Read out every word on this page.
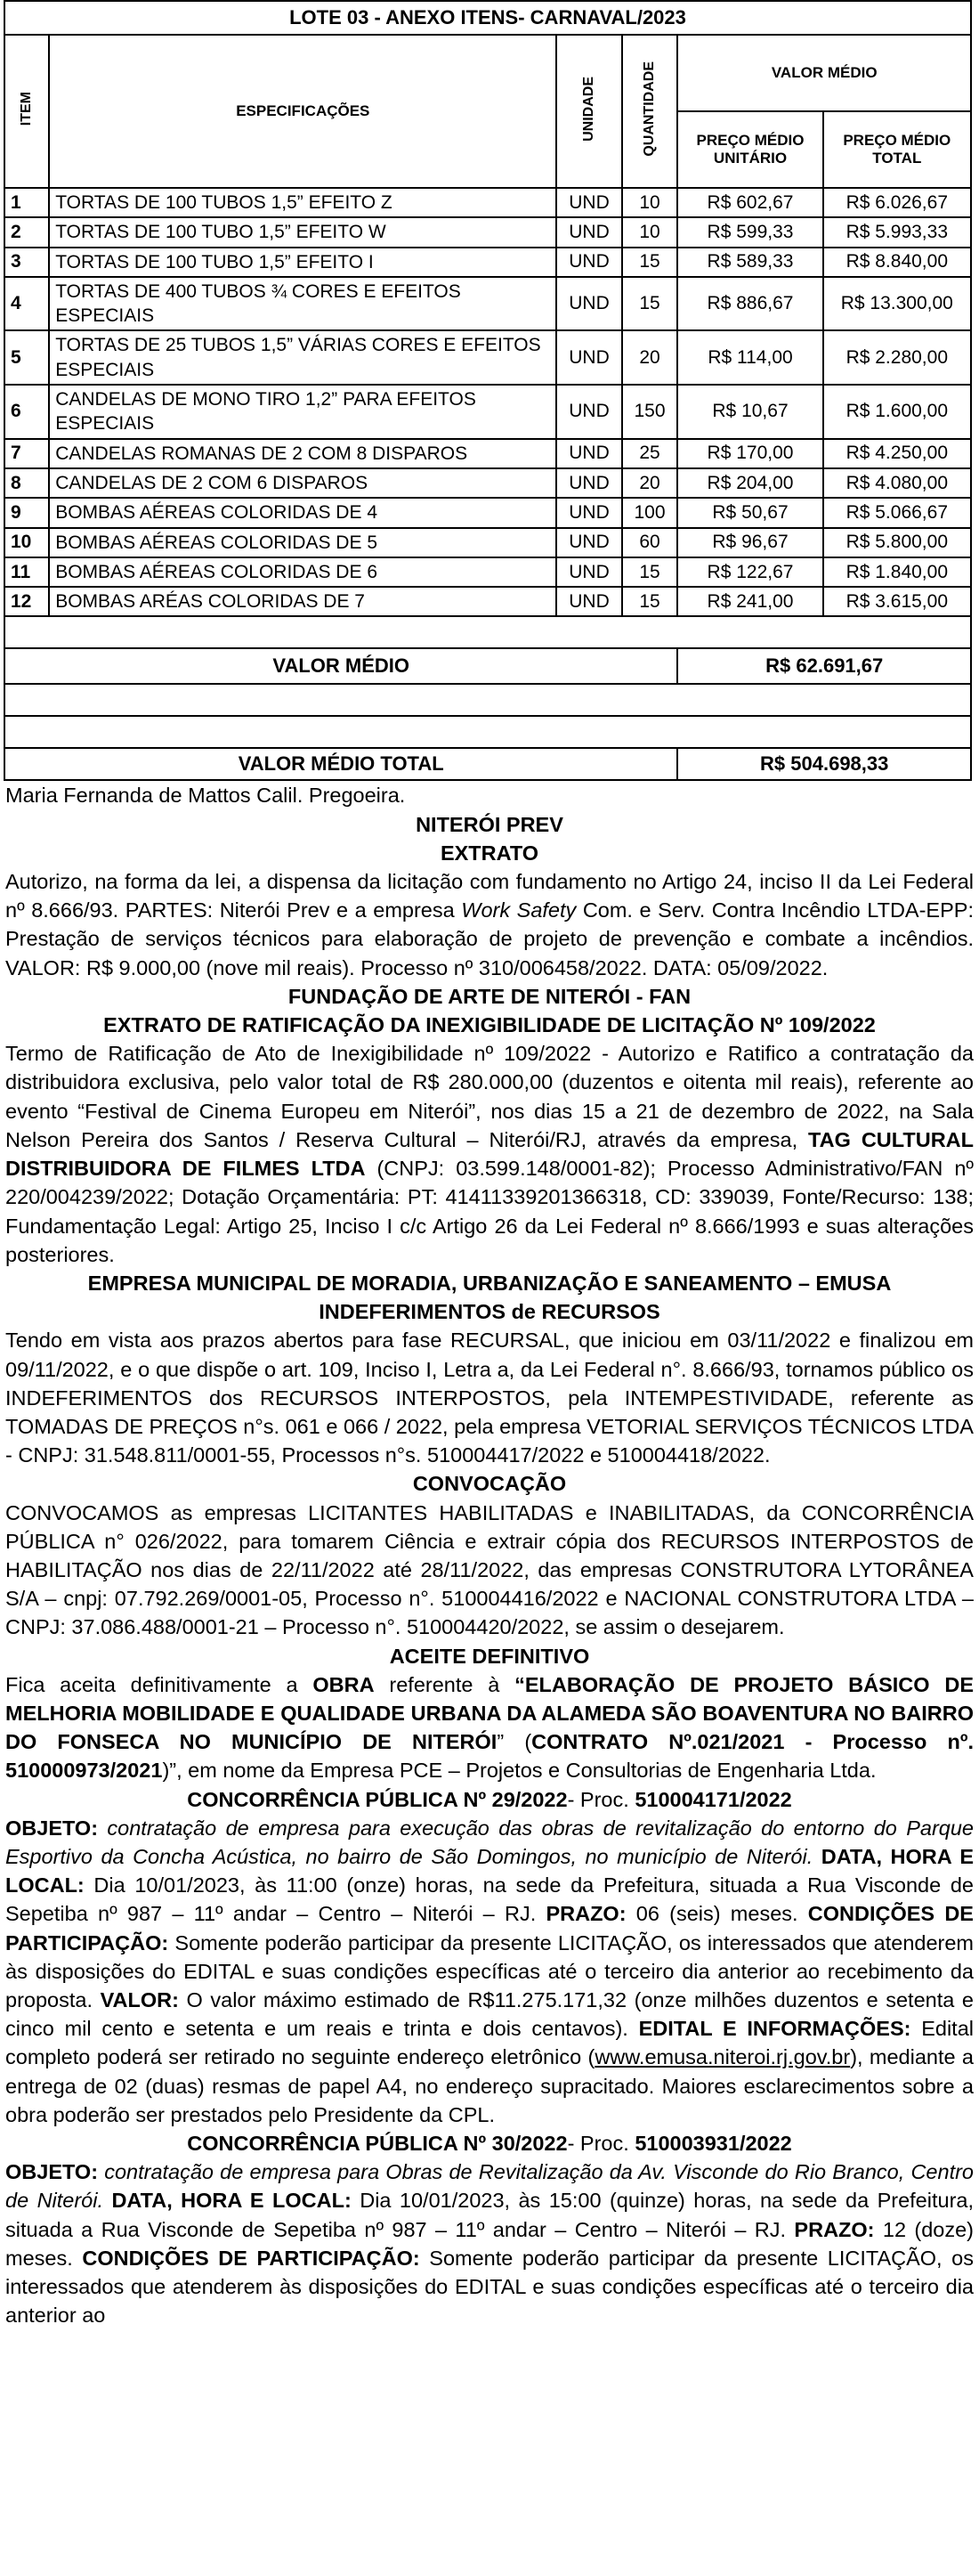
LOTE 03 - ANEXO ITENS- CARNAVAL/2023					
ITEM	ESPECIFICAÇÕES	UNIDADE	QUANTIDADE	VALOR MÉDIO	
				PREÇO MÉDIO UNITÁRIO	PREÇO MÉDIO TOTAL
1	TORTAS DE 100 TUBOS 1,5” EFEITO Z	UND	10	R$ 602,67	R$ 6.026,67
2	TORTAS DE 100 TUBO 1,5” EFEITO W	UND	10	R$ 599,33	R$ 5.993,33
3	TORTAS DE 100 TUBO 1,5” EFEITO I	UND	15	R$ 589,33	R$ 8.840,00
4	TORTAS DE 400 TUBOS ¾ CORES E EFEITOS ESPECIAIS	UND	15	R$ 886,67	R$ 13.300,00
5	TORTAS DE 25 TUBOS 1,5” VÁRIAS CORES E EFEITOS ESPECIAIS	UND	20	R$ 114,00	R$ 2.280,00
6	CANDELAS DE MONO TIRO 1,2” PARA EFEITOS ESPECIAIS	UND	150	R$ 10,67	R$ 1.600,00
7	CANDELAS ROMANAS DE 2 COM 8 DISPAROS	UND	25	R$ 170,00	R$ 4.250,00
8	CANDELAS DE 2 COM 6 DISPAROS	UND	20	R$ 204,00	R$ 4.080,00
9	BOMBAS AÉREAS COLORIDAS DE 4	UND	100	R$ 50,67	R$ 5.066,67
10	BOMBAS AÉREAS COLORIDAS DE 5	UND	60	R$ 96,67	R$ 5.800,00
11	BOMBAS AÉREAS COLORIDAS DE 6	UND	15	R$ 122,67	R$ 1.840,00
12	BOMBAS ARÉAS COLORIDAS DE 7	UND	15	R$ 241,00	R$ 3.615,00

VALOR MÉDIO				R$ 62.691,67	

VALOR MÉDIO TOTAL				R$ 504.698,33	

Maria Fernanda de Mattos Calil. Pregoeira.

NITERÓI PREV

EXTRATO

Autorizo, na forma da lei, a dispensa da licitação com fundamento no Artigo 24, inciso II da Lei Federal nº 8.666/93. PARTES: Niterói Prev e a empresa Work Safety Com. e Serv. Contra Incêndio LTDA-EPP: Prestação de serviços técnicos para elaboração de projeto de prevenção e combate a incêndios. VALOR: R$ 9.000,00 (nove mil reais). Processo nº 310/006458/2022. DATA: 05/09/2022.

FUNDAÇÃO DE ARTE DE NITERÓI - FAN

EXTRATO DE RATIFICAÇÃO DA INEXIGIBILIDADE DE LICITAÇÃO Nº 109/2022

Termo de Ratificação de Ato de Inexigibilidade nº 109/2022 - Autorizo e Ratifico a contratação da distribuidora exclusiva, pelo valor total de R$ 280.000,00 (duzentos e oitenta mil reais), referente ao evento “Festival de Cinema Europeu em Niterói”, nos dias 15 a 21 de dezembro de 2022, na Sala Nelson Pereira dos Santos / Reserva Cultural – Niterói/RJ, através da empresa, TAG CULTURAL DISTRIBUIDORA DE FILMES LTDA (CNPJ: 03.599.148/0001-82); Processo Administrativo/FAN nº 220/004239/2022; Dotação Orçamentária: PT: 41411339201366318, CD: 339039, Fonte/Recurso: 138; Fundamentação Legal: Artigo 25, Inciso I c/c Artigo 26 da Lei Federal nº 8.666/1993 e suas alterações posteriores.

EMPRESA MUNICIPAL DE MORADIA, URBANIZAÇÃO E SANEAMENTO – EMUSA

INDEFERIMENTOS de RECURSOS

Tendo em vista aos prazos abertos para fase RECURSAL, que iniciou em 03/11/2022 e finalizou em 09/11/2022, e o que dispõe o art. 109, Inciso I, Letra a, da Lei Federal n°. 8.666/93, tornamos público os INDEFERIMENTOS dos RECURSOS INTERPOSTOS, pela INTEMPESTIVIDADE, referente as TOMADAS DE PREÇOS n°s. 061 e 066 / 2022, pela empresa VETORIAL SERVIÇOS TÉCNICOS LTDA - CNPJ: 31.548.811/0001-55, Processos n°s. 510004417/2022 e 510004418/2022.

CONVOCAÇÃO

CONVOCAMOS as empresas LICITANTES HABILITADAS e INABILITADAS, da CONCORRÊNCIA PÚBLICA n° 026/2022, para tomarem Ciência e extrair cópia dos RECURSOS INTERPOSTOS de HABILITAÇÃO nos dias de 22/11/2022 até 28/11/2022, das empresas CONSTRUTORA LYTORÂNEA S/A – cnpj: 07.792.269/0001-05, Processo n°. 510004416/2022 e NACIONAL CONSTRUTORA LTDA – CNPJ: 37.086.488/0001-21 – Processo n°. 510004420/2022, se assim o desejarem.

ACEITE DEFINITIVO

Fica aceita definitivamente a OBRA referente à “ELABORAÇÃO DE PROJETO BÁSICO DE MELHORIA MOBILIDADE E QUALIDADE URBANA DA ALAMEDA SÃO BOAVENTURA NO BAIRRO DO FONSECA NO MUNICÍPIO DE NITERÓI” (CONTRATO Nº.021/2021 - Processo nº. 510000973/2021)”, em nome da Empresa PCE – Projetos e Consultorias de Engenharia Ltda.

CONCORRÊNCIA PÚBLICA Nº 29/2022- Proc. 510004171/2022

OBJETO: contratação de empresa para execução das obras de revitalização do entorno do Parque Esportivo da Concha Acústica, no bairro de São Domingos, no município de Niterói. DATA, HORA E LOCAL: Dia 10/01/2023, às 11:00 (onze) horas, na sede da Prefeitura, situada a Rua Visconde de Sepetiba nº 987 – 11º andar – Centro – Niterói – RJ. PRAZO: 06 (seis) meses. CONDIÇÕES DE PARTICIPAÇÃO: Somente poderão participar da presente LICITAÇÃO, os interessados que atenderem às disposições do EDITAL e suas condições específicas até o terceiro dia anterior ao recebimento da proposta. VALOR: O valor máximo estimado de R$11.275.171,32 (onze milhões duzentos e setenta e cinco mil cento e setenta e um reais e trinta e dois centavos). EDITAL E INFORMAÇÕES: Edital completo poderá ser retirado no seguinte endereço eletrônico (www.emusa.niteroi.rj.gov.br), mediante a entrega de 02 (duas) resmas de papel A4, no endereço supracitado. Maiores esclarecimentos sobre a obra poderão ser prestados pelo Presidente da CPL.

CONCORRÊNCIA PÚBLICA Nº 30/2022- Proc. 510003931/2022

OBJETO: contratação de empresa para Obras de Revitalização da Av. Visconde do Rio Branco, Centro de Niterói. DATA, HORA E LOCAL: Dia 10/01/2023, às 15:00 (quinze) horas, na sede da Prefeitura, situada a Rua Visconde de Sepetiba nº 987 – 11º andar – Centro – Niterói – RJ. PRAZO: 12 (doze) meses. CONDIÇÕES DE PARTICIPAÇÃO: Somente poderão participar da presente LICITAÇÃO, os interessados que atenderem às disposições do EDITAL e suas condições específicas até o terceiro dia anterior ao
